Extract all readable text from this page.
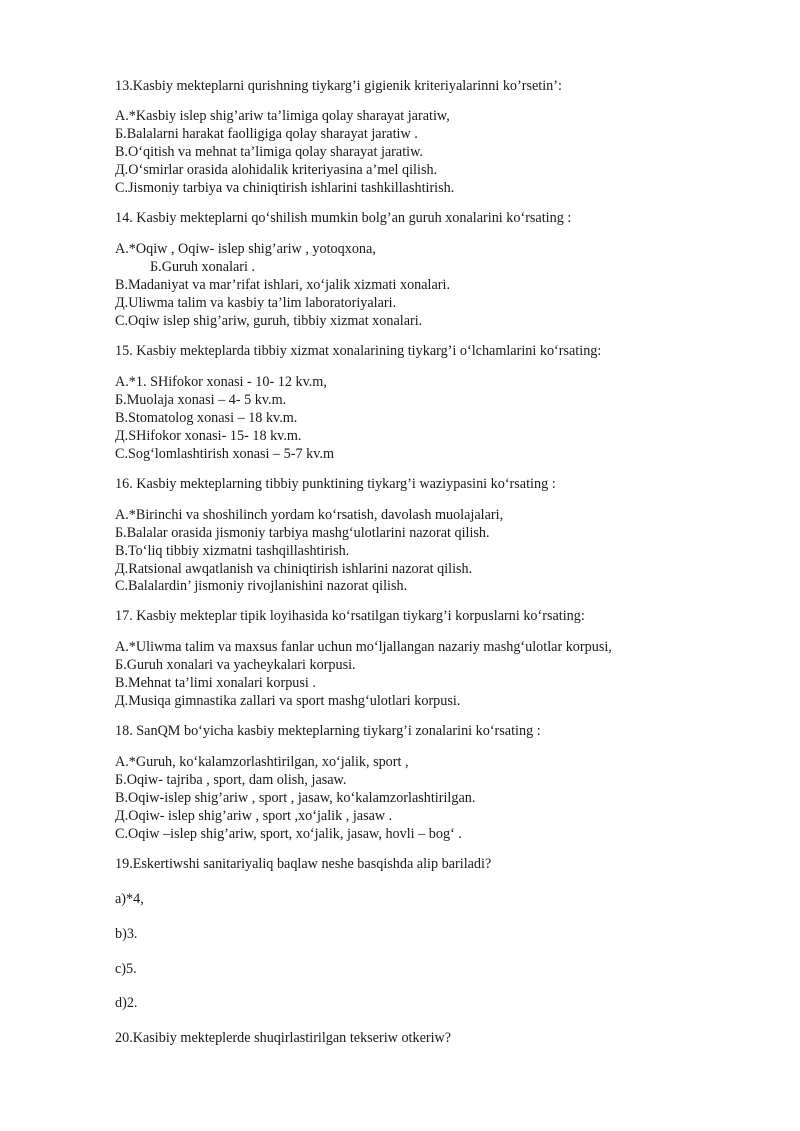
13.Kasbiy mekteplarni qurishning tiykarg’i gigienik kriteriyalarinni ko’rsetin’:
A.*Kasbiy islep shig’ariw ta’limiga qolay sharayat jaratiw,
Б.Balalarni harakat faolligiga qolay sharayat jaratiw .
B.O‘qitish va mehnat ta’limiga qolay sharayat jaratiw.
Д.O‘smirlar orasida alohidalik kriteriyasina a’mel qilish.
C.Jismoniy tarbiya va chiniqtirish ishlarini tashkillashtirish.
14. Kasbiy mekteplarni qo‘shilish mumkin bolg’an guruh xonalarini ko‘rsating :
A.*Oqiw , Oqiw- islep shig’ariw , yotoqxona,
Б.Guruh xonalari .
B.Madaniyat va mar’rifat ishlari, xo‘jalik xizmati xonalari.
Д.Uliwma talim va kasbiy ta’lim laboratoriyalari.
C.Oqiw islep shig’ariw, guruh, tibbiy xizmat xonalari.
15. Kasbiy mekteplarda tibbiy xizmat xonalarining tiykarg’i o‘lchamlarini ko‘rsating:
A.*1. SHifokor xonasi - 10- 12 kv.m,
Б.Muolaja xonasi – 4- 5 kv.m.
B.Stomatolog xonasi – 18 kv.m.
Д.SHifokor xonasi- 15- 18 kv.m.
C.Sog‘lomlashtirish xonasi – 5-7 kv.m
16. Kasbiy mekteplarning tibbiy punktining tiykarg’i waziypasini ko‘rsating :
A.*Birinchi va shoshilinch yordam ko‘rsatish, davolash muolajalari,
Б.Balalar orasida jismoniy tarbiya mashg‘ulotlarini nazorat qilish.
B.To‘liq tibbiy xizmatni tashqillashtirish.
Д.Ratsional awqatlanish va chiniqtirish ishlarini nazorat qilish.
C.Balalardin’ jismoniy rivojlanishini nazorat qilish.
17. Kasbiy mekteplar tipik loyihasida ko‘rsatilgan tiykarg’i korpuslarni ko‘rsating:
A.*Uliwma talim va maxsus fanlar uchun mo‘ljallangan nazariy mashg‘ulotlar korpusi,
Б.Guruh xonalari va yacheykalari korpusi.
B.Mehnat ta’limi xonalari korpusi .
Д.Musiqa gimnastika zallari va sport mashg‘ulotlari korpusi.
18. SanQM bo‘yicha kasbiy mekteplarning tiykarg’i zonalarini ko‘rsating :
A.*Guruh, ko‘kalamzorlashtirilgan, xo‘jalik, sport ,
Б.Oqiw- tajriba , sport, dam olish, jasaw.
B.Oqiw-islep shig’ariw , sport , jasaw, ko‘kalamzorlashtirilgan.
Д.Oqiw- islep shig’ariw , sport ,xo‘jalik , jasaw .
C.Oqiw –islep shig’ariw, sport, xo‘jalik, jasaw, hovli – bog‘ .
19.Eskertiwshi sanitariyaliq baqlaw neshe basqishda alip bariladi?
a)*4,
b)3.
c)5.
d)2.
20.Kasibiy mekteplerde shuqirlastirilgan tekseriw otkeriw?
